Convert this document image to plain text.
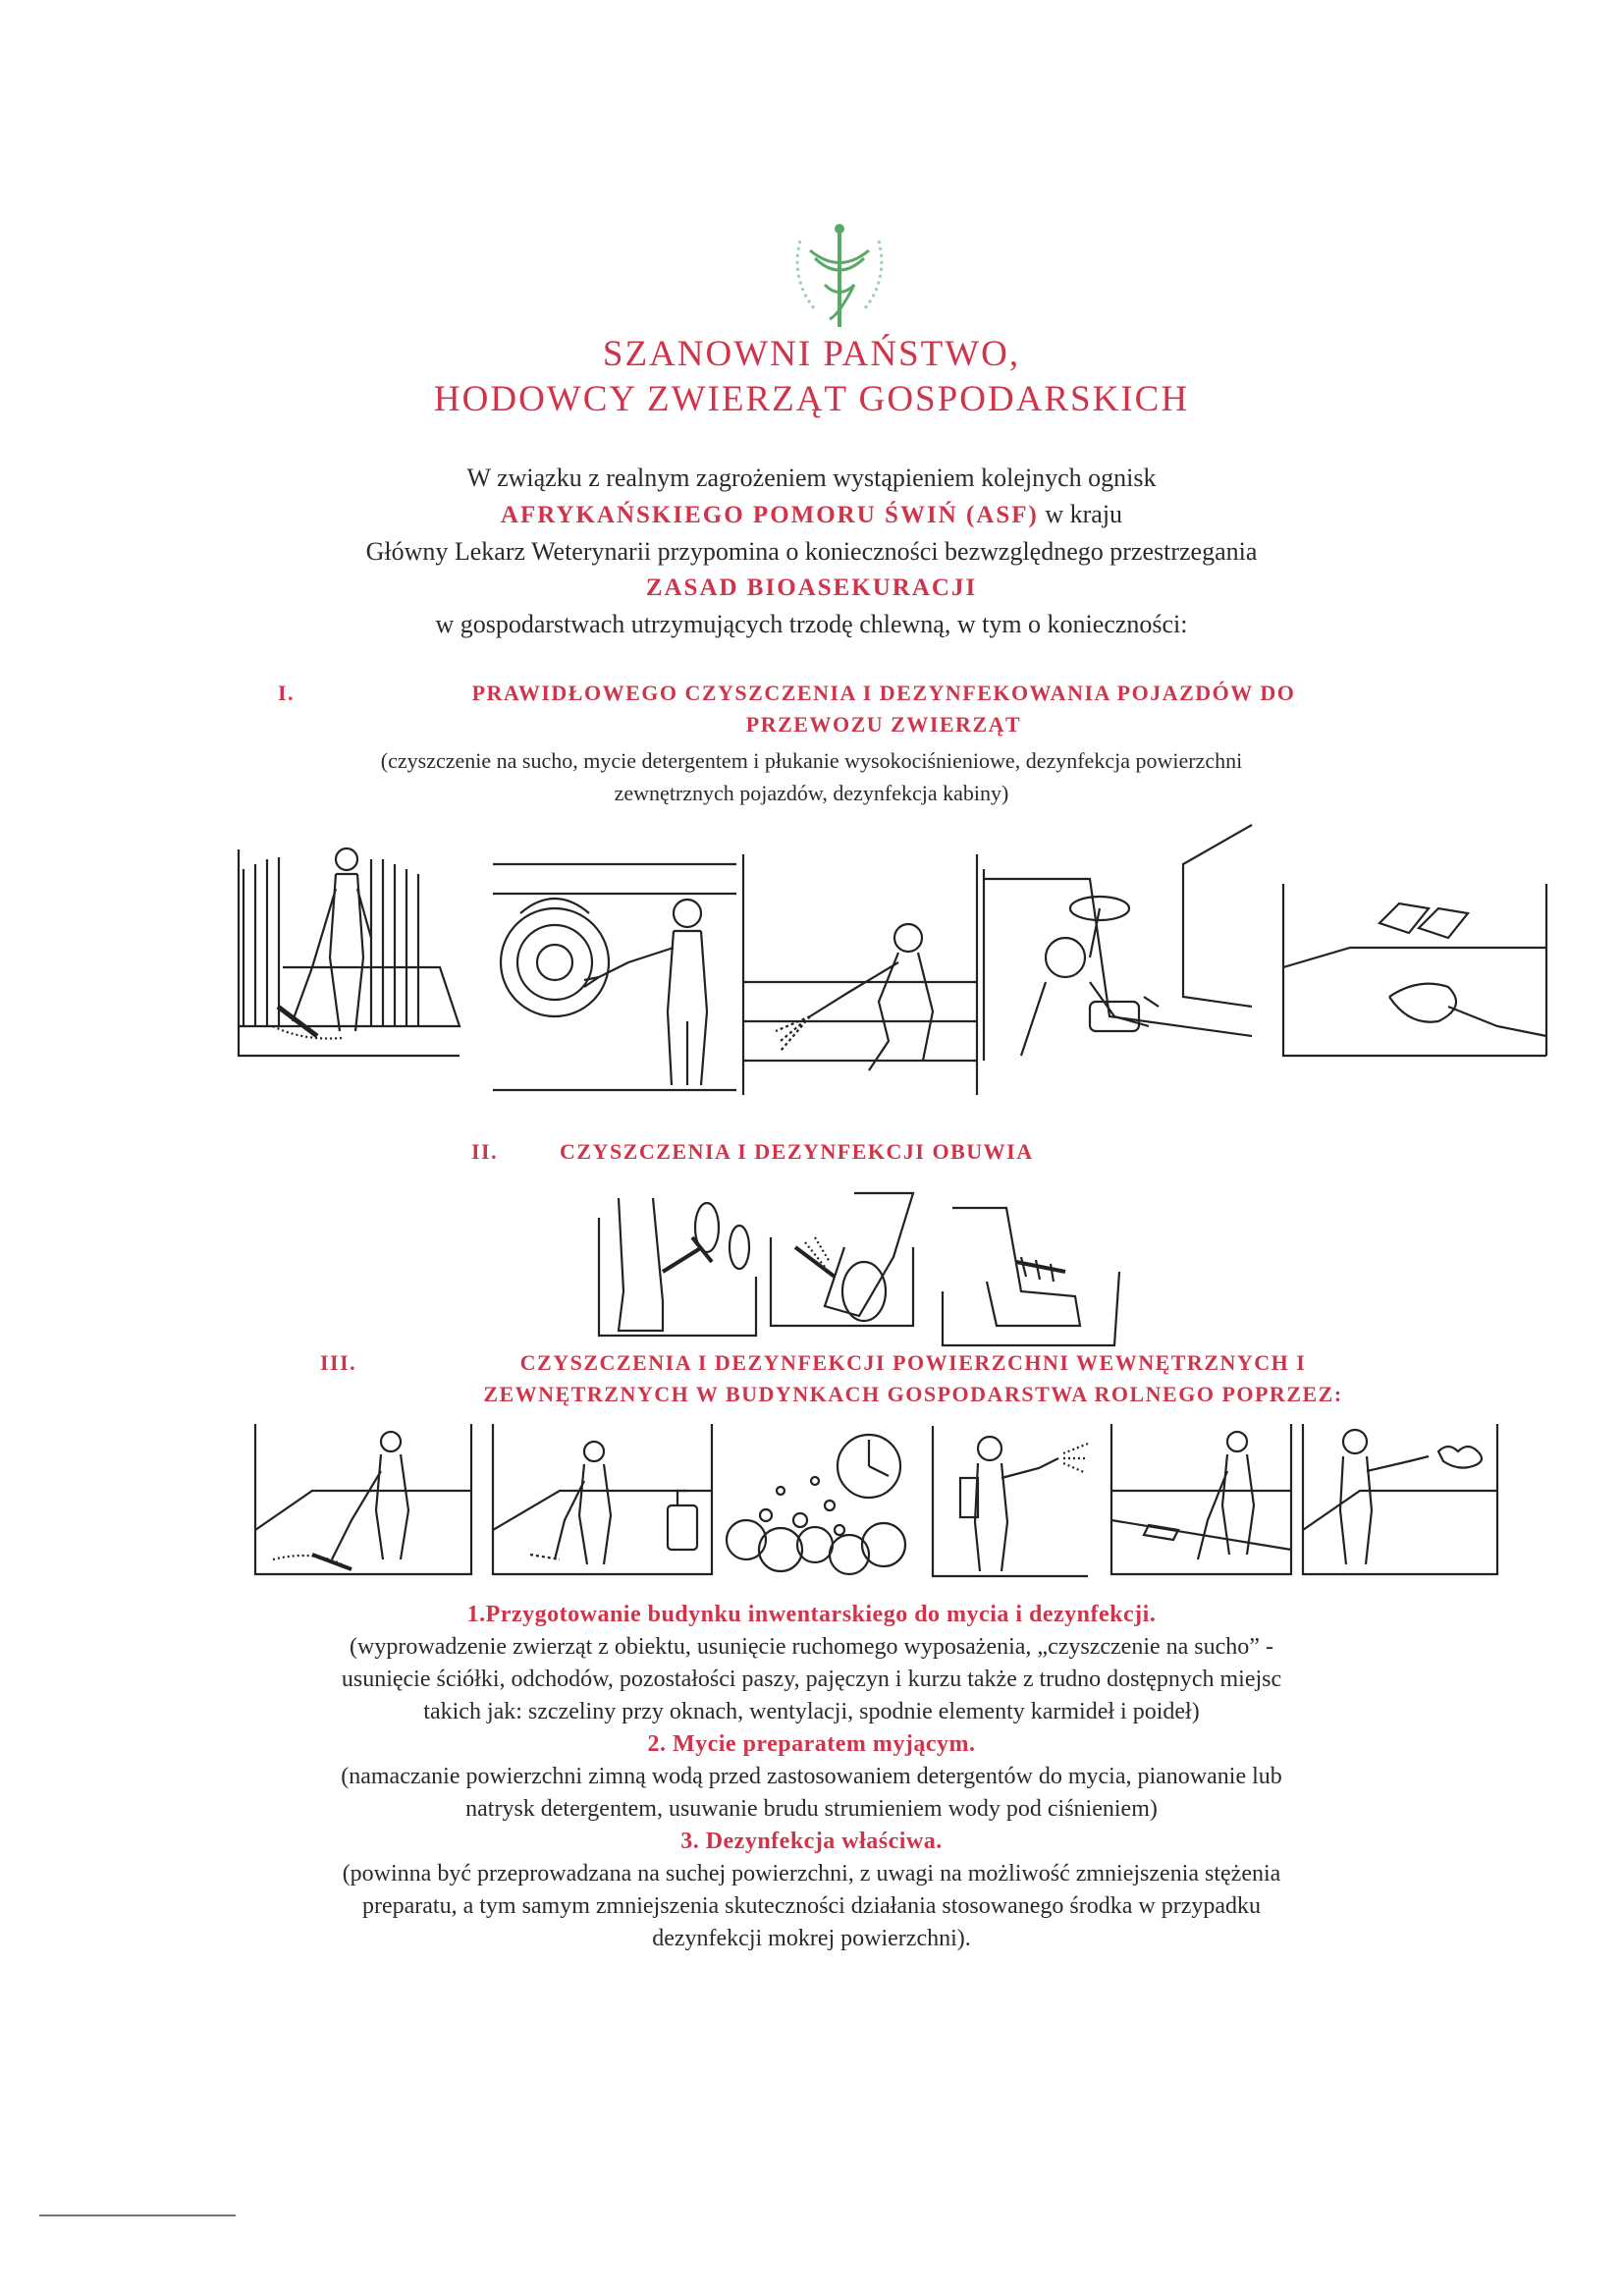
SZANOWNI PAŃSTWO,
HODOWCY ZWIERZĄT GOSPODARSKICH
W związku z realnym zagrożeniem wystąpieniem kolejnych ognisk
AFRYKAŃSKIEGO POMORU ŚWIŃ (ASF) w kraju
Główny Lekarz Weterynarii przypomina o konieczności bezwzględnego przestrzegania
ZASAD BIOASEKURACJI
w gospodarstwach utrzymujących trzodę chlewną, w tym o konieczności:
I.	PRAWIDŁOWEGO CZYSZCZENIA I DEZYNFEKOWANIA POJAZDÓW DO
PRZEWOZU ZWIERZĄT
(czyszczenie na sucho, mycie detergentem i płukanie wysokociśnieniowe, dezynfekcja powierzchni
zewnętrznych pojazdów, dezynfekcja kabiny)
II.	CZYSZCZENIA I DEZYNFEKCJI OBUWIA
III.	CZYSZCZENIA I DEZYNFEKCJI POWIERZCHNI WEWNĘTRZNYCH I
ZEWNĘTRZNYCH W BUDYNKACH GOSPODARSTWA ROLNEGO POPRZEZ:
1.Przygotowanie budynku inwentarskiego do mycia i dezynfekcji.
(wyprowadzenie zwierząt z obiektu, usunięcie ruchomego wyposażenia, „czyszczenie na sucho” -
usunięcie ściółki, odchodów, pozostałości paszy, pajęczyn i kurzu także z trudno dostępnych miejsc
takich jak: szczeliny przy oknach, wentylacji, spodnie elementy karmideł i poideł)
2. Mycie preparatem myjącym.
(namaczanie powierzchni zimną wodą przed zastosowaniem detergentów do mycia, pianowanie lub
natrysk detergentem, usuwanie brudu strumieniem wody pod ciśnieniem)
3. Dezynfekcja właściwa.
(powinna być przeprowadzana na suchej powierzchni, z uwagi na możliwość zmniejszenia stężenia
preparatu, a tym samym zmniejszenia skuteczności działania stosowanego środka w przypadku
dezynfekcji mokrej powierzchni).
